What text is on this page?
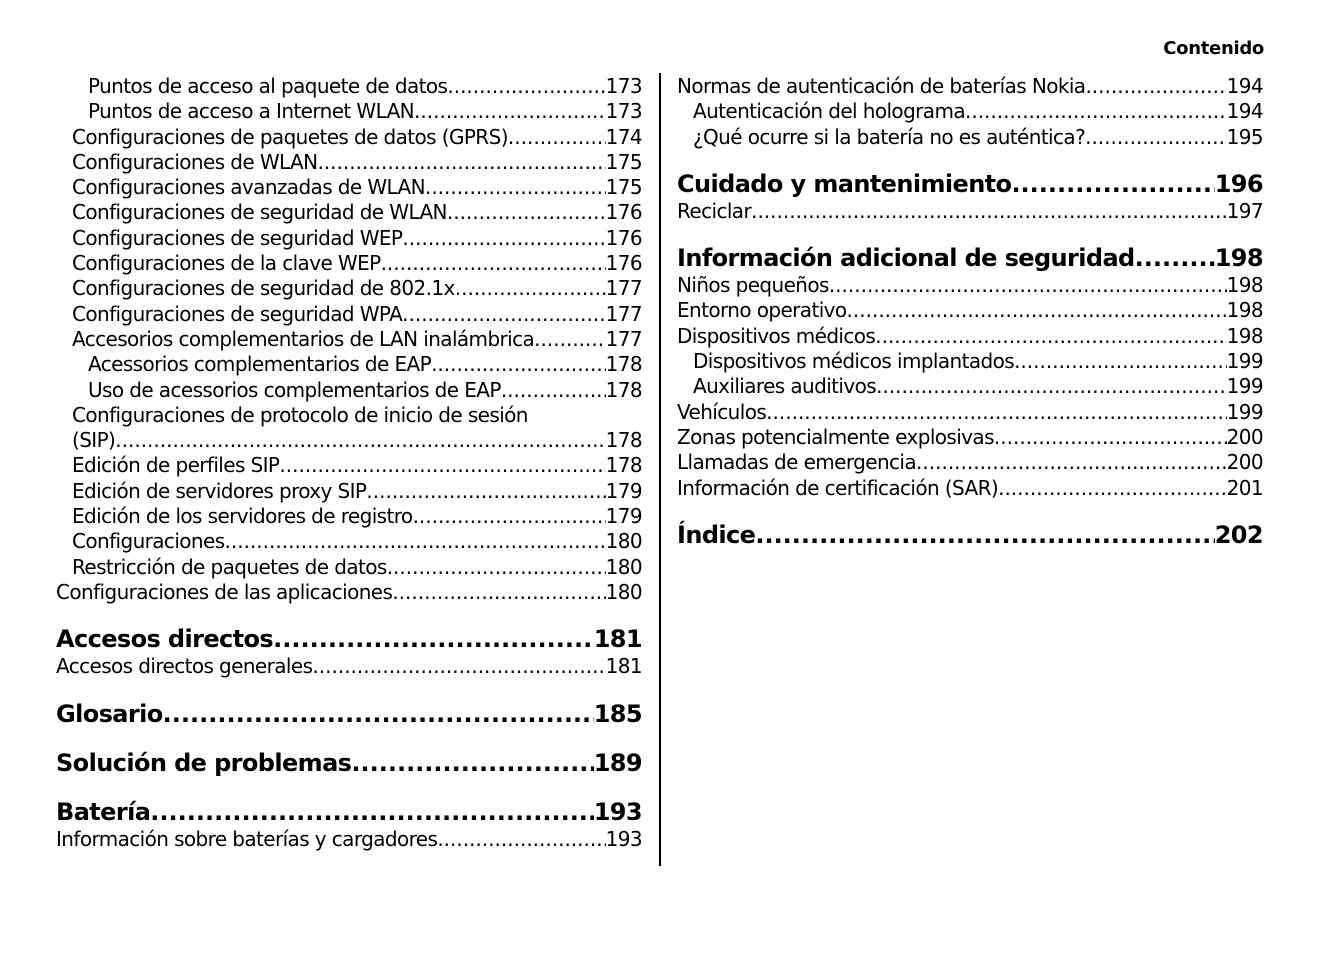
Contenido
Puntos de acceso al paquete de datos .....	173
Puntos de acceso a Internet WLAN .....	173
Configuraciones de paquetes de datos (GPRS) .....	174
Configuraciones de WLAN .....	175
Configuraciones avanzadas de WLAN .....	175
Configuraciones de seguridad de WLAN .....	176
Configuraciones de seguridad WEP .....	176
Configuraciones de la clave WEP .....	176
Configuraciones de seguridad de 802.1x .....	177
Configuraciones de seguridad WPA .....	177
Accesorios complementarios de LAN inalámbrica .....	177
Acessorios complementarios de EAP .....	178
Uso de acessorios complementarios de EAP .....	178
Configuraciones de protocolo de inicio de sesión
(SIP) .....	178
Edición de perfiles SIP .....	178
Edición de servidores proxy SIP .....	179
Edición de los servidores de registro .....	179
Configuraciones .....	180
Restricción de paquetes de datos .....	180
Configuraciones de las aplicaciones .....	180
Accesos directos .....	181
Accesos directos generales .....	181
Glosario .....	185
Solución de problemas .....	189
Batería .....	193
Información sobre baterías y cargadores .....	193
Normas de autenticación de baterías Nokia .....	194
Autenticación del holograma .....	194
¿Qué ocurre si la batería no es auténtica? .....	195
Cuidado y mantenimiento .....	196
Reciclar .....	197
Información adicional de seguridad .....	198
Niños pequeños .....	198
Entorno operativo .....	198
Dispositivos médicos .....	198
Dispositivos médicos implantados .....	199
Auxiliares auditivos .....	199
Vehículos .....	199
Zonas potencialmente explosivas .....	200
Llamadas de emergencia .....	200
Información de certificación (SAR) .....	201
Índice .....	202
